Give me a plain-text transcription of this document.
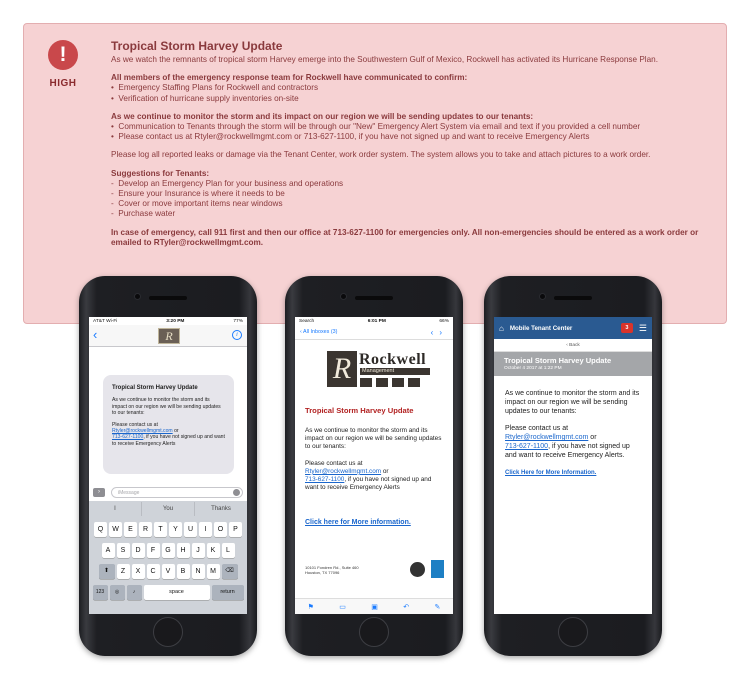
!
HIGH
Tropical Storm Harvey Update

As we watch the remnants of tropical storm Harvey emerge into the Southwestern Gulf of Mexico, Rockwell has activated its Hurricane Response Plan.

All members of the emergency response team for Rockwell have communicated to confirm:

•  Emergency Staffing Plans for Rockwell and contractors
•  Verification of hurricane supply inventories on-site

As we continue to monitor the storm and its impact on our region we will be sending updates to our tenants:

•  Communication to Tenants through the storm will be through our "New" Emergency Alert System via email and text if you provided a cell number
•  Please contact us at Rtyler@rockwellmgmt.com or 713-627-1100, if you have not signed up and want to receive Emergency Alerts

Please log all reported leaks or damage via the Tenant Center, work order system. The system allows you to take and attach pictures to a work order.

Suggestions for Tenants:

-  Develop an Emergency Plan for your business and operations
-  Ensure your Insurance is where it needs to be
-  Cover or move important items near windows
-  Purchase water

In case of emergency, call 911 first and then our office at 713-627-1100 for emergencies only. All non-emergencies should be entered as a work order or emailed to RTyler@rockwellmgmt.com.

AT&T Wi-Fi	3:20 PM	77%
‹	R	i
Tropical Storm Harvey Update

As we continue to monitor the storm and its impact on our region we will be sending updates to our tenants:

Please contact us at
Rtyler@rockwellmgmt.com or
713-627-1100, if you have not signed up and want to receive Emergency Alerts

›	iMessage
I	You	Thanks
Q	W	E	R	T	Y	U	I	O	P
A	S	D	F	G	H	J	K	L
⬆	Z	X	C	V	B	N	M	⌫
123	◎	♪	space	return
Search	6:01 PM	66%
‹ All Inboxes (3)	‹›
R Rockwell
Management
Tropical Storm Harvey Update

As we continue to monitor the storm and its impact on our region we will be sending updates to our tenants:

Please contact us at
Rtyler@rockwellmgmt.com or
713-627-1100, if you have not signed up and want to receive Emergency Alerts

Click here for More information.
10101 Fondren Rd., Suite 460
Houston, TX 77096
⚑	▭	▣	↶	✎
⌂ Mobile Tenant Center	3	☰
‹ Back
Tropical Storm Harvey Update
October 4 2017 at 1:22 PM

As we continue to monitor the storm and its impact on our region we will be sending updates to our tenants:

Please contact us at
Rtyler@rockwellmgmt.com or
713-627-1100, if you have not signed up and want to receive Emergency Alerts.

Click Here for More Information.
